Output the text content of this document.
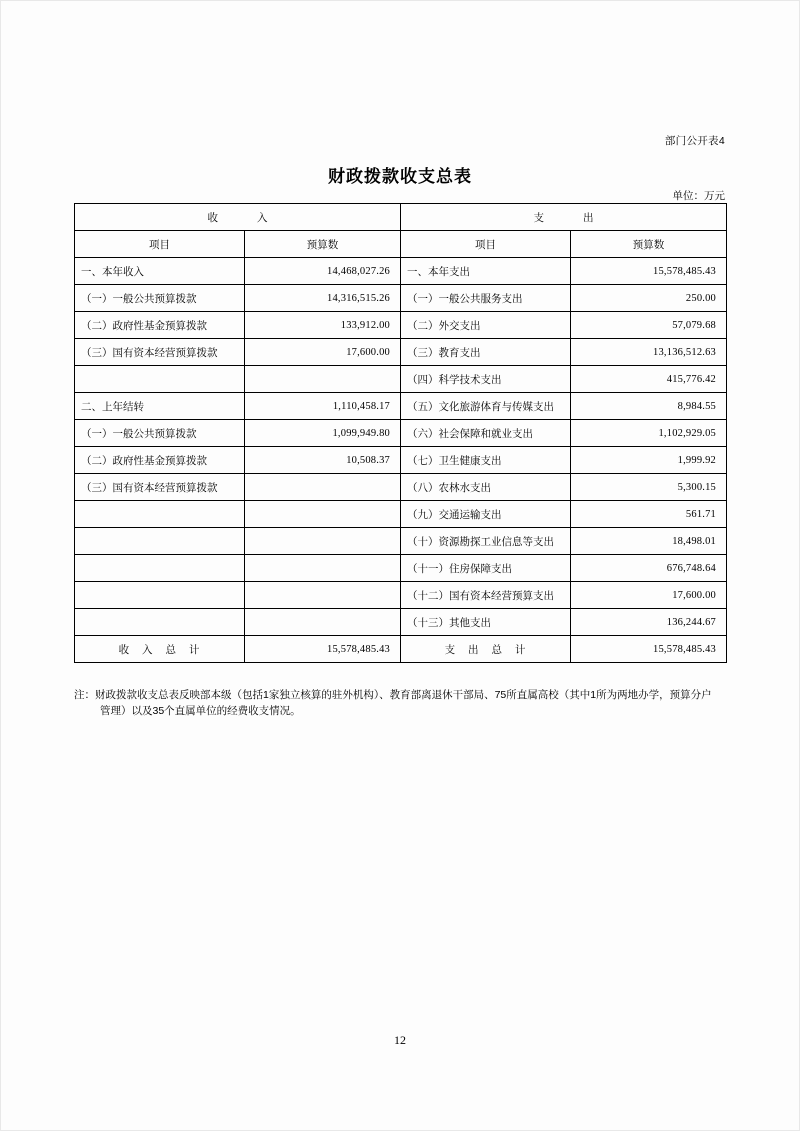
部门公开表4
财政拨款收支总表
单位：万元
收　　入		支　　出	
项目	预算数	项目	预算数
一、本年收入	14,468,027.26	一、本年支出	15,578,485.43
（一）一般公共预算拨款	14,316,515.26	（一）一般公共服务支出	250.00
（二）政府性基金预算拨款	133,912.00	（二）外交支出	57,079.68
（三）国有资本经营预算拨款	17,600.00	（三）教育支出	13,136,512.63
		（四）科学技术支出	415,776.42
二、上年结转	1,110,458.17	（五）文化旅游体育与传媒支出	8,984.55
（一）一般公共预算拨款	1,099,949.80	（六）社会保障和就业支出	1,102,929.05
（二）政府性基金预算拨款	10,508.37	（七）卫生健康支出	1,999.92
（三）国有资本经营预算拨款		（八）农林水支出	5,300.15
		（九）交通运输支出	561.71
		（十）资源勘探工业信息等支出	18,498.01
		（十一）住房保障支出	676,748.64
		（十二）国有资本经营预算支出	17,600.00
		（十三）其他支出	136,244.67
收 入 总 计	15,578,485.43	支 出 总 计	15,578,485.43
注：财政拨款收支总表反映部本级（包括1家独立核算的驻外机构）、教育部离退休干部局、75所直属高校（其中1所为两地办学，预算分户
管理）以及35个直属单位的经费收支情况。
12
